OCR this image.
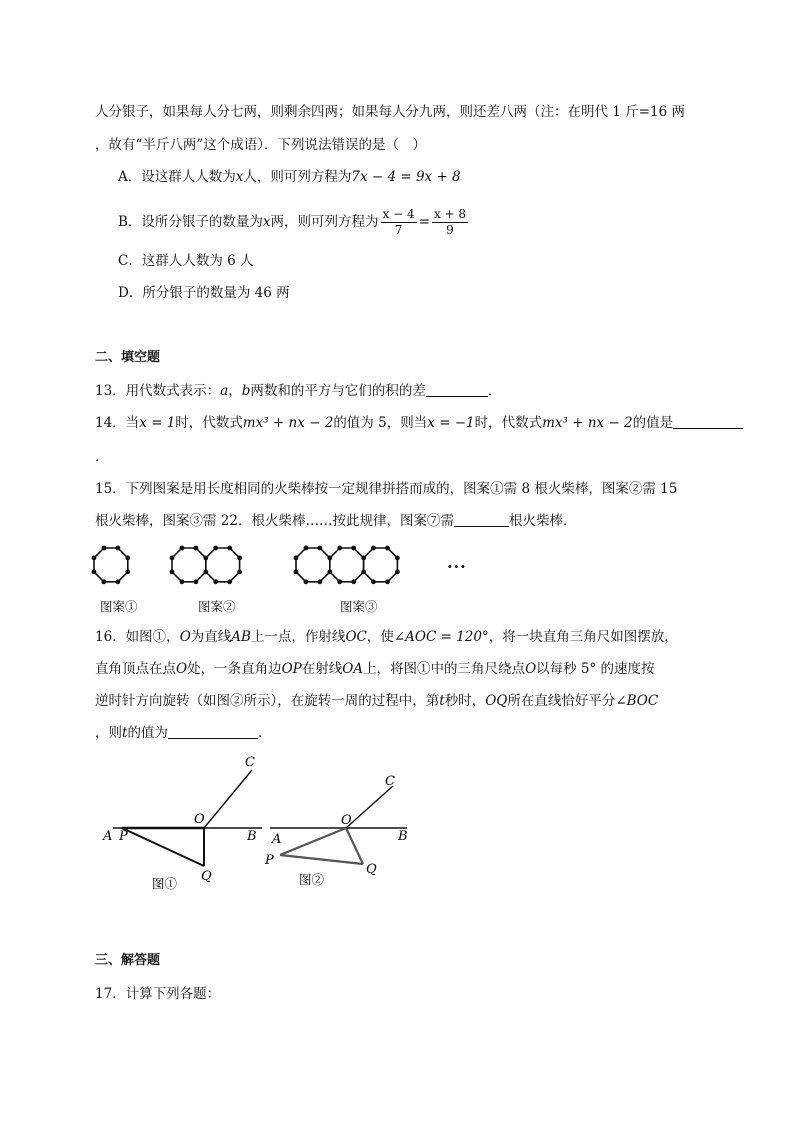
人分银子，如果每人分七两，则剩余四两；如果每人分九两，则还差八两（注：在明代 1 斤=16 两
，故有“半斤八两”这个成语）．下列说法错误的是（　）
A．设这群人人数为x人，则可列方程为7x − 4 = 9x + 8
B．设所分银子的数量为x两，则可列方程为 $\frac{x - 4}{7} = \frac{x + 8}{9}$
C．这群人人数为 6 人
D．所分银子的数量为 46 两
二、填空题
13．用代数式表示：a，b两数和的平方与它们的积的差	．
14．当x = 1时，代数式mx³ + nx − 2的值为 5，则当x = −1时，代数式mx³ + nx − 2的值是
．
15．下列图案是用长度相同的火柴棒按一定规律拼搭而成的，图案①需 8 根火柴棒，图案②需 15
根火柴棒，图案③需 22．根火柴棒……按此规律，图案⑦需	根火柴棒．
···
图案①	图案②	图案③
16．如图①，O为直线AB上一点，作射线OC，使∠AOC = 120°，将一块直角三角尺如图摆放，
直角顶点在点O处，一条直角边OP在射线OA上，将图①中的三角尺绕点O以每秒 5° 的速度按
逆时针方向旋转（如图②所示），在旋转一周的过程中，第t秒时，OQ所在直线恰好平分∠BOC
，则t的值为	．
A P
O
B
C
Q
图①
A
P
O
B
C
Q
图②
三、解答题
17．计算下列各题：
